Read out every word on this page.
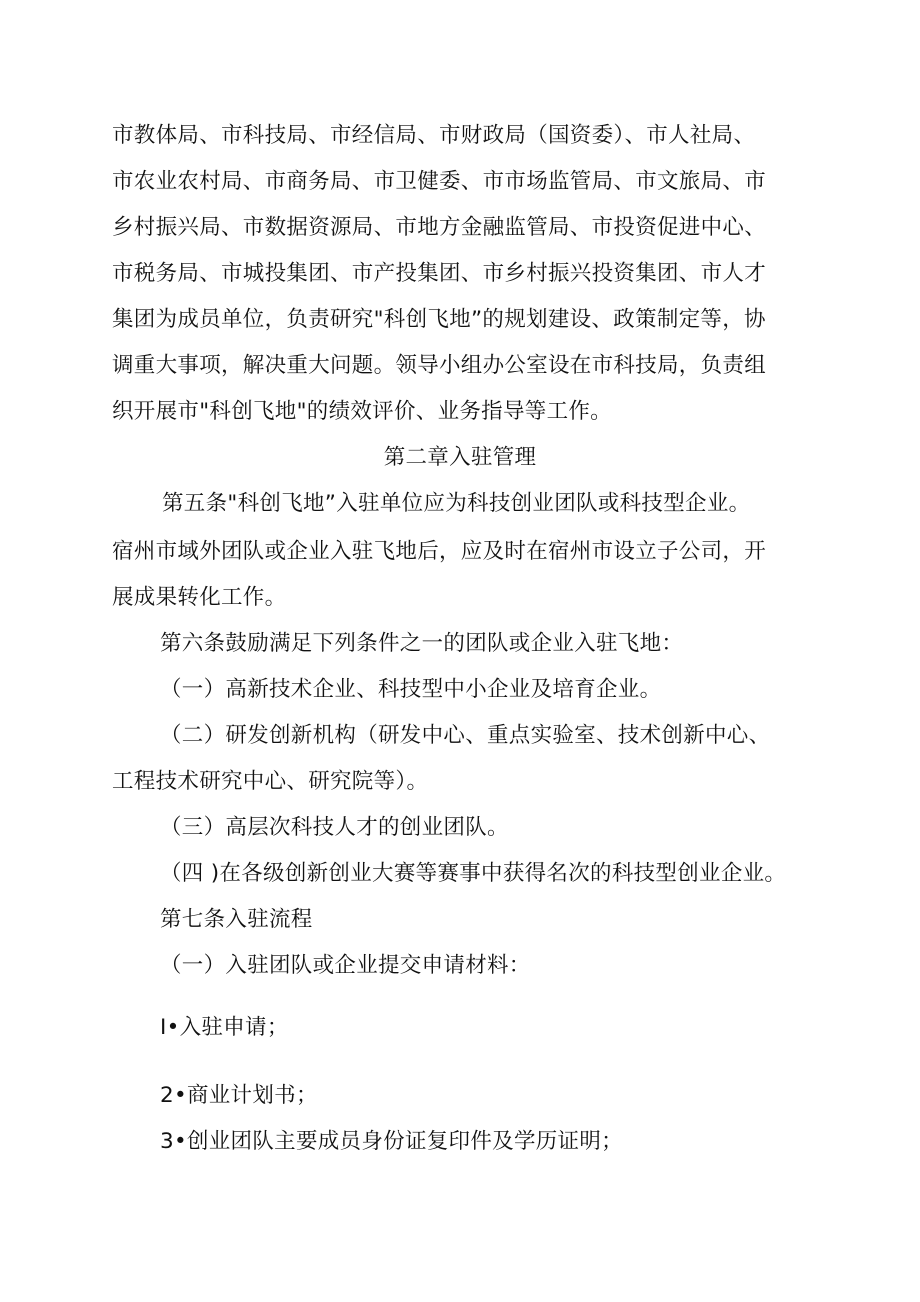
市教体局、市科技局、市经信局、市财政局（国资委）、市人社局、
市农业农村局、市商务局、市卫健委、市市场监管局、市文旅局、市
乡村振兴局、市数据资源局、市地方金融监管局、市投资促进中心、
市税务局、市城投集团、市产投集团、市乡村振兴投资集团、市人才
集团为成员单位，负责研究"科创飞地”的规划建设、政策制定等，协
调重大事项，解决重大问题。领导小组办公室设在市科技局，负责组
织开展市"科创飞地"的绩效评价、业务指导等工作。
第二章入驻管理
第五条"科创飞地”入驻单位应为科技创业团队或科技型企业。
宿州市域外团队或企业入驻飞地后，应及时在宿州市设立子公司，开
展成果转化工作。
第六条鼓励满足下列条件之一的团队或企业入驻飞地：
（一）高新技术企业、科技型中小企业及培育企业。
（二）研发创新机构（研发中心、重点实验室、技术创新中心、
工程技术研究中心、研究院等）。
（三）高层次科技人才的创业团队。
（四 )在各级创新创业大赛等赛事中获得名次的科技型创业企业。
第七条入驻流程
（一）入驻团队或企业提交申请材料：
I•入驻申请；
2•商业计划书；
3•创业团队主要成员身份证复印件及学历证明；
